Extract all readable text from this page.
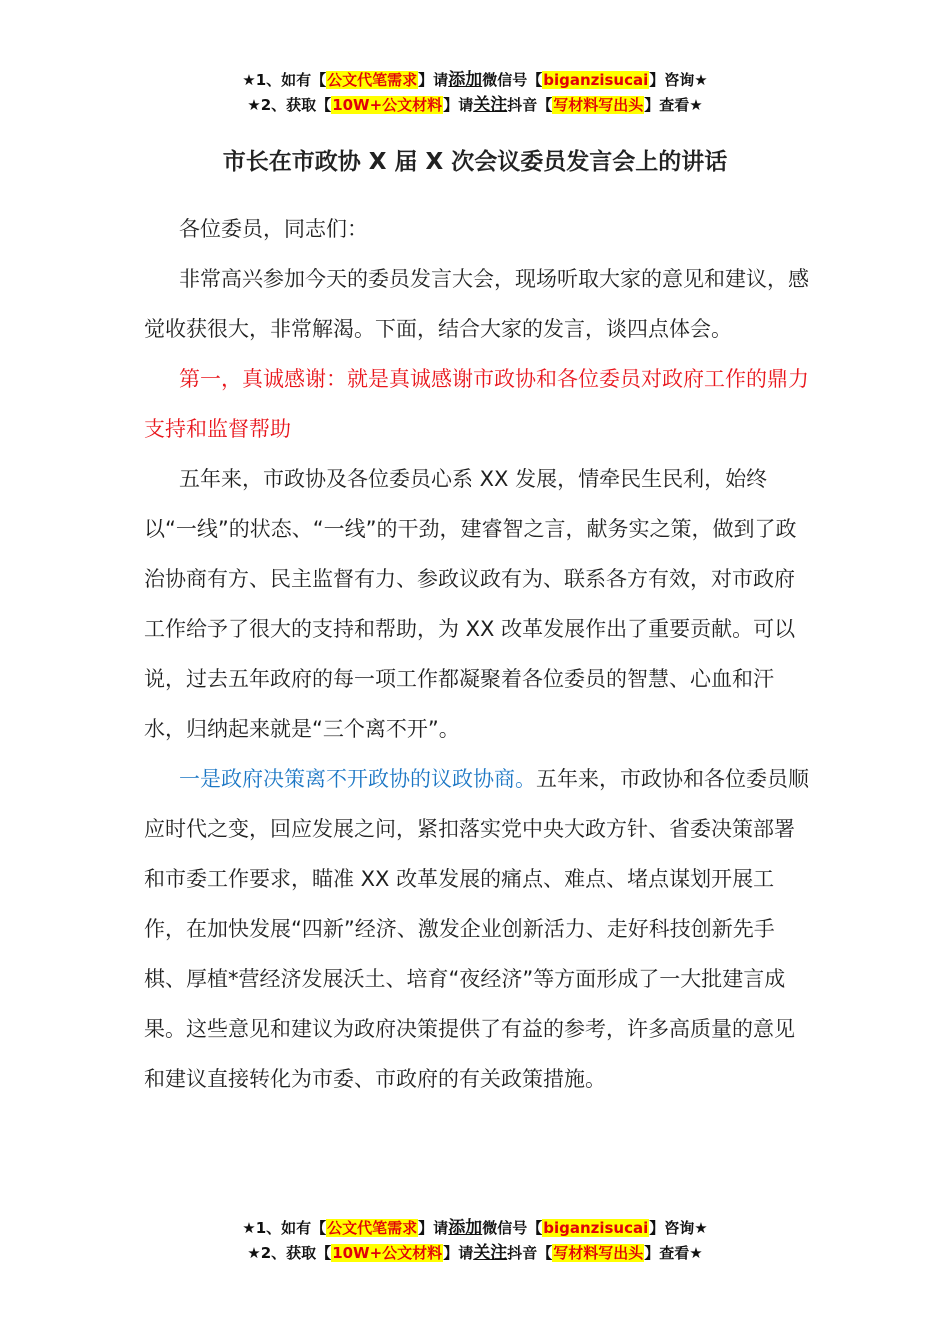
★1、如有【公文代笔需求】请添加微信号【biganzisucai】咨询★
★2、获取【10W+公文材料】请关注抖音【写材料写出头】查看★
市长在市政协 X 届 X 次会议委员发言会上的讲话

各位委员，同志们：

非常高兴参加今天的委员发言大会，现场听取大家的意见和建议，感觉收获很大，非常解渴。下面，结合大家的发言，谈四点体会。

第一，真诚感谢：就是真诚感谢市政协和各位委员对政府工作的鼎力支持和监督帮助

五年来，市政协及各位委员心系 XX 发展，情牵民生民利，始终以“一线”的状态、“一线”的干劲，建睿智之言，献务实之策，做到了政治协商有方、民主监督有力、参政议政有为、联系各方有效，对市政府工作给予了很大的支持和帮助，为 XX 改革发展作出了重要贡献。可以说，过去五年政府的每一项工作都凝聚着各位委员的智慧、心血和汗水，归纳起来就是“三个离不开”。

一是政府决策离不开政协的议政协商。五年来，市政协和各位委员顺应时代之变，回应发展之问，紧扣落实党中央大政方针、省委决策部署和市委工作要求，瞄准 XX 改革发展的痛点、难点、堵点谋划开展工作，在加快发展“四新”经济、激发企业创新活力、走好科技创新先手棋、厚植*营经济发展沃土、培育“夜经济”等方面形成了一大批建言成果。这些意见和建议为政府决策提供了有益的参考，许多高质量的意见和建议直接转化为市委、市政府的有关政策措施。

★1、如有【公文代笔需求】请添加微信号【biganzisucai】咨询★
★2、获取【10W+公文材料】请关注抖音【写材料写出头】查看★
